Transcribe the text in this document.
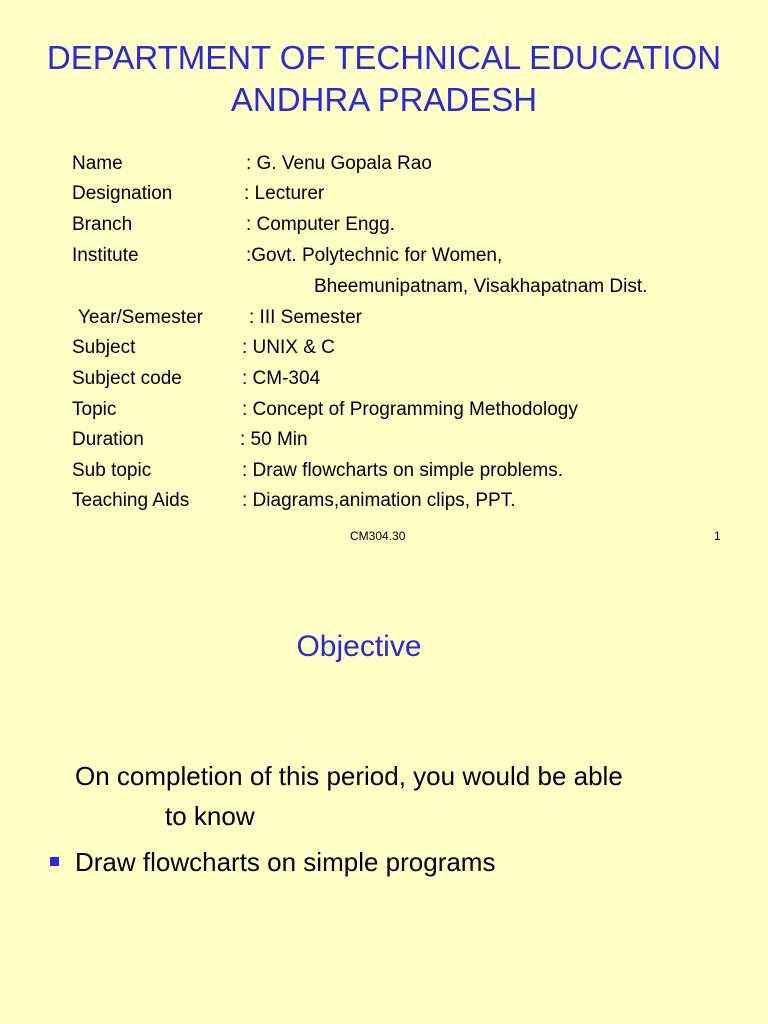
DEPARTMENT OF TECHNICAL EDUCATION
ANDHRA PRADESH
Name	: G. Venu Gopala Rao
Designation	: Lecturer
Branch	: Computer Engg.
Institute	:Govt. Polytechnic for Women,
Bheemunipatnam, Visakhapatnam Dist.
Year/Semester : III Semester
Subject	: UNIX & C
Subject code	: CM-304
Topic	: Concept of Programming Methodology
Duration	: 50 Min
Sub topic	: Draw flowcharts on simple problems.
Teaching Aids	: Diagrams,animation clips, PPT.
CM304.30	1
Objective
On completion of this period, you would be able
to know
Draw flowcharts on simple programs
